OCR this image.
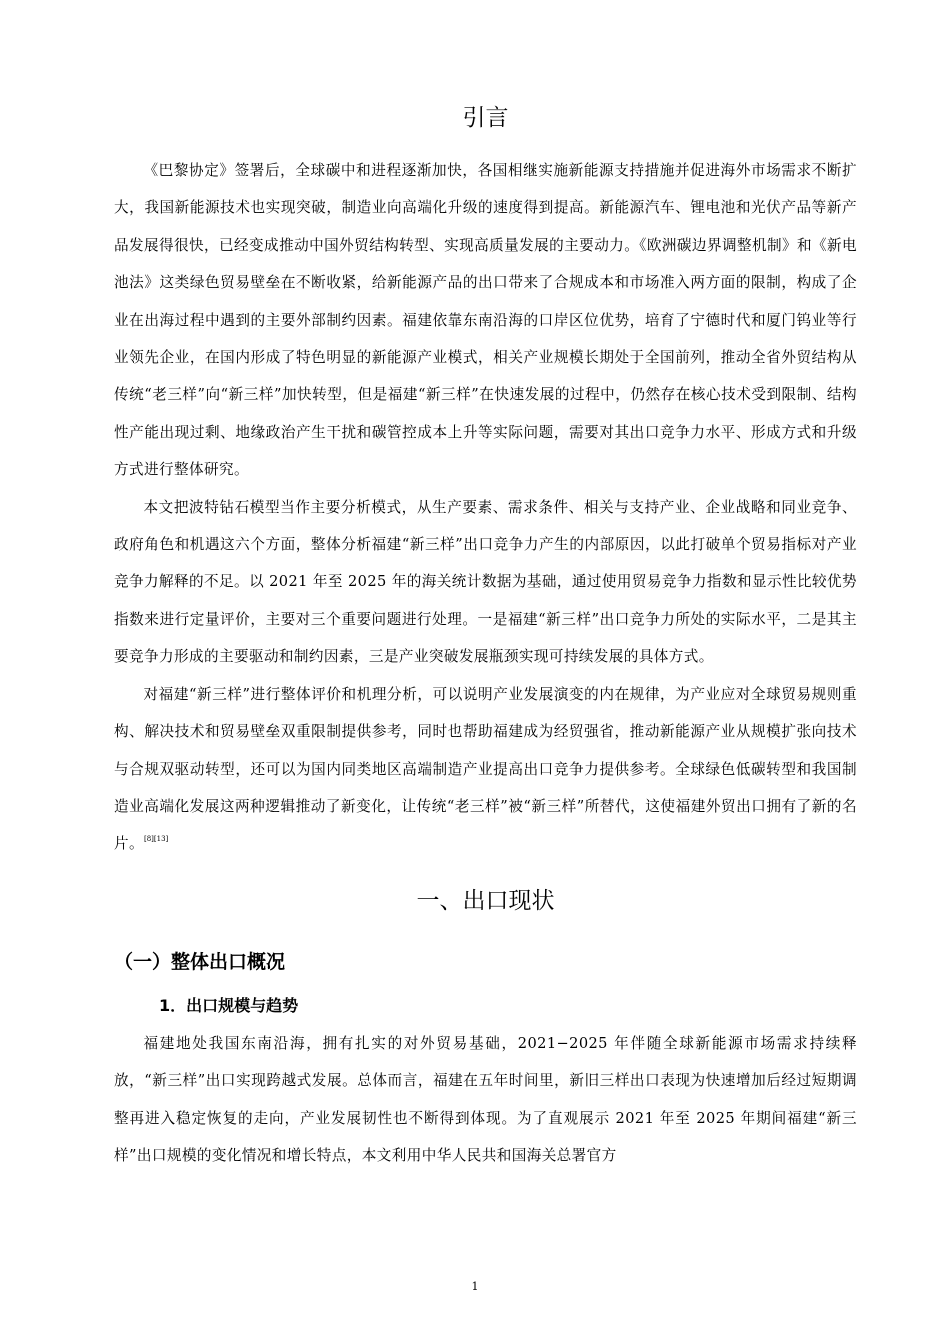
引言

《巴黎协定》签署后，全球碳中和进程逐渐加快，各国相继实施新能源支持措施并促进海外市场需求不断扩大，我国新能源技术也实现突破，制造业向高端化升级的速度得到提高。新能源汽车、锂电池和光伏产品等新产品发展得很快，已经变成推动中国外贸结构转型、实现高质量发展的主要动力。《欧洲碳边界调整机制》和《新电池法》这类绿色贸易壁垒在不断收紧，给新能源产品的出口带来了合规成本和市场准入两方面的限制，构成了企业在出海过程中遇到的主要外部制约因素。福建依靠东南沿海的口岸区位优势，培育了宁德时代和厦门钨业等行业领先企业，在国内形成了特色明显的新能源产业模式，相关产业规模长期处于全国前列，推动全省外贸结构从传统“老三样”向“新三样”加快转型，但是福建“新三样”在快速发展的过程中，仍然存在核心技术受到限制、结构性产能出现过剩、地缘政治产生干扰和碳管控成本上升等实际问题，需要对其出口竞争力水平、形成方式和升级方式进行整体研究。

本文把波特钻石模型当作主要分析模式，从生产要素、需求条件、相关与支持产业、企业战略和同业竞争、政府角色和机遇这六个方面，整体分析福建“新三样”出口竞争力产生的内部原因，以此打破单个贸易指标对产业竞争力解释的不足。以 2021 年至 2025 年的海关统计数据为基础，通过使用贸易竞争力指数和显示性比较优势指数来进行定量评价，主要对三个重要问题进行处理。一是福建“新三样”出口竞争力所处的实际水平，二是其主要竞争力形成的主要驱动和制约因素，三是产业突破发展瓶颈实现可持续发展的具体方式。

对福建“新三样”进行整体评价和机理分析，可以说明产业发展演变的内在规律，为产业应对全球贸易规则重构、解决技术和贸易壁垒双重限制提供参考，同时也帮助福建成为经贸强省，推动新能源产业从规模扩张向技术与合规双驱动转型，还可以为国内同类地区高端制造产业提高出口竞争力提供参考。全球绿色低碳转型和我国制造业高端化发展这两种逻辑推动了新变化，让传统“老三样”被“新三样”所替代，这使福建外贸出口拥有了新的名片。[8][13]

一、出口现状
（一）整体出口概况
1．出口规模与趋势

福建地处我国东南沿海，拥有扎实的对外贸易基础，2021−2025 年伴随全球新能源市场需求持续释放，“新三样”出口实现跨越式发展。总体而言，福建在五年时间里，新旧三样出口表现为快速增加后经过短期调整再进入稳定恢复的走向，产业发展韧性也不断得到体现。为了直观展示 2021 年至 2025 年期间福建“新三样”出口规模的变化情况和增长特点，本文利用中华人民共和国海关总署官方

1
